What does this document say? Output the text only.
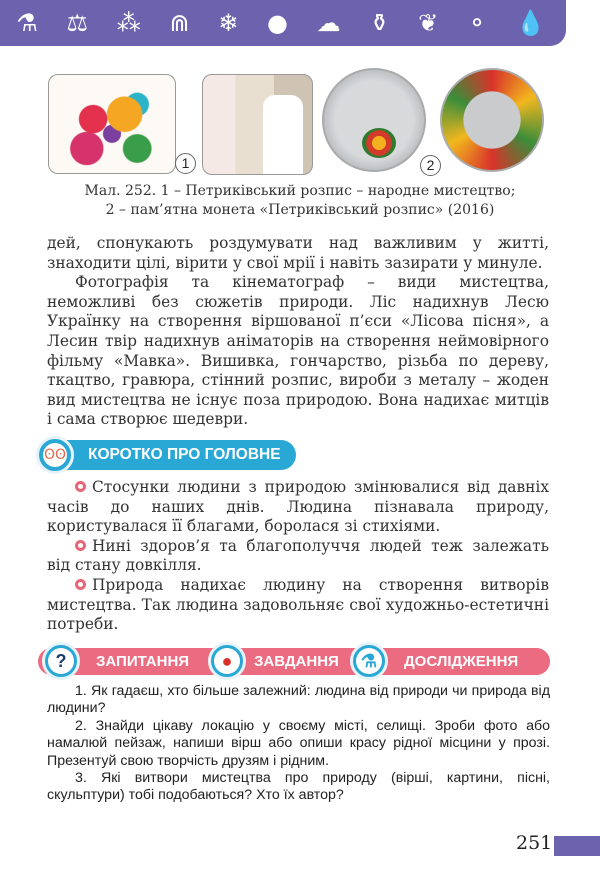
⚗ ⚖ ⁂ ⋒ ❄ ● ☁ ⚱ ❦ ⚬ 💧
1	2
Мал. 252. 1 – Петриківський розпис – народне мистецтво;
2 – пам’ятна монета «Петриківський розпис» (2016)

дей, спонукають роздумувати над важливим у житті, знаходити цілі, вірити у свої мрії і навіть зазирати у минуле.

Фотографія та кінематограф – види мистецтва, неможливі без сюжетів природи. Ліс надихнув Лесю Українку на створення віршованої п’єси «Лісова пісня», а Лесин твір надихнув аніматорів на створення неймовірного фільму «Мавка». Вишивка, гончарство, різьба по дереву, ткацтво, гравюра, стінний розпис, вироби з металу – жоден вид мистецтва не існує поза природою. Вона надихає митців і сама створює шедеври.

ʘʘ КОРОТКО ПРО ГОЛОВНЕ

Стосунки людини з природою змінювалися від давніх часів до наших днів. Людина пізнавала природу, користувалася її благами, боролася зі стихіями.

Нині здоров’я та благополуччя людей теж залежать від стану довкілля.

Природа надихає людину на створення витворів мистецтва. Так людина задовольняє свої художньо-естетичні потреби.

?	ЗАПИТАННЯ	●	ЗАВДАННЯ ⚗	ДОСЛІДЖЕННЯ

1. Як гадаєш, хто більше залежний: людина від природи чи природа від людини?

2. Знайди цікаву локацію у своєму місті, селищі. Зроби фото або намалюй пейзаж, напиши вірш або опиши красу рідної місцини у прозі. Презентуй свою творчість друзям і рідним.

3. Які витвори мистецтва про природу (вірші, картини, пісні, скульптури) тобі подобаються? Хто їх автор?

251
